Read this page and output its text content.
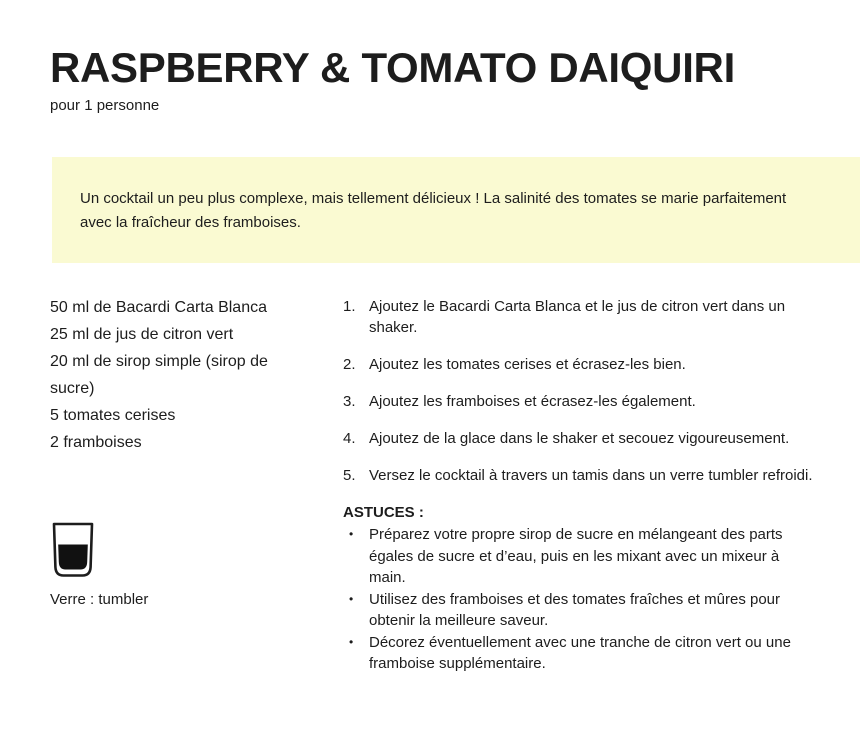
RASPBERRY & TOMATO DAIQUIRI
pour 1 personne

Un cocktail un peu plus complexe, mais tellement délicieux ! La salinité des tomates se marie parfaitement avec la fraîcheur des framboises.

50 ml de Bacardi Carta Blanca
25 ml de jus de citron vert
20 ml de sirop simple (sirop de sucre)
5 tomates cerises
2 framboises
Verre : tumbler
Ajoutez le Bacardi Carta Blanca et le jus de citron vert dans un shaker.
Ajoutez les tomates cerises et écrasez-les bien.
Ajoutez les framboises et écrasez-les également.
Ajoutez de la glace dans le shaker et secouez vigoureusement.
Versez le cocktail à travers un tamis dans un verre tumbler refroidi.
ASTUCES :
• Préparez votre propre sirop de sucre en mélangeant des parts égales de sucre et d’eau, puis en les mixant avec un mixeur à main.
• Utilisez des framboises et des tomates fraîches et mûres pour obtenir la meilleure saveur.
• Décorez éventuellement avec une tranche de citron vert ou une framboise supplémentaire.
